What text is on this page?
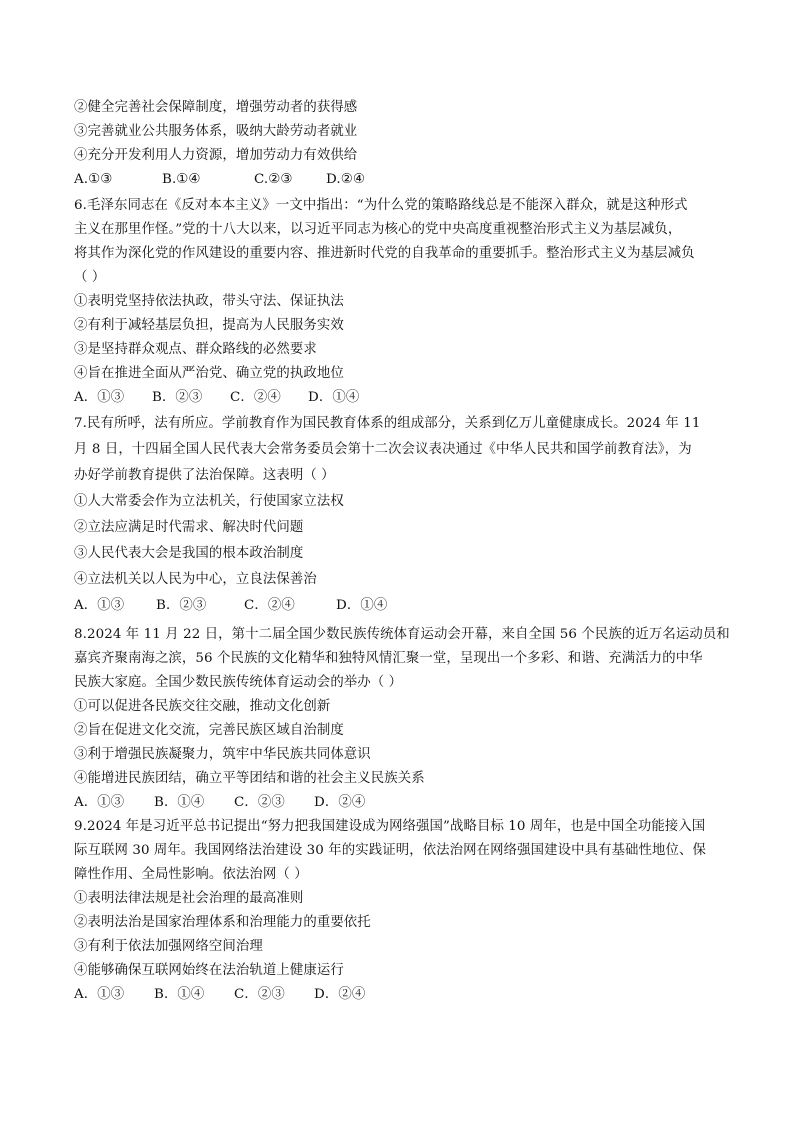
②健全完善社会保障制度，增强劳动者的获得感
③完善就业公共服务体系，吸纳大龄劳动者就业
④充分开发利用人力资源，增加劳动力有效供给
A.①③	B.①④	C.②③	D.②④
6.毛泽东同志在《反对本本主义》一文中指出：“为什么党的策略路线总是不能深入群众，就是这种形式
主义在那里作怪。”党的十八大以来，以习近平同志为核心的党中央高度重视整治形式主义为基层减负，
将其作为深化党的作风建设的重要内容、推进新时代党的自我革命的重要抓手。整治形式主义为基层减负
（ ）
①表明党坚持依法执政，带头守法、保证执法
②有利于减轻基层负担，提高为人民服务实效
③是坚持群众观点、群众路线的必然要求
④旨在推进全面从严治党、确立党的执政地位
A．①③	B．②③	C．②④	D．①④
7.民有所呼，法有所应。学前教育作为国民教育体系的组成部分，关系到亿万儿童健康成长。2024 年 11
月 8 日，十四届全国人民代表大会常务委员会第十二次会议表决通过《中华人民共和国学前教育法》，为
办好学前教育提供了法治保障。这表明（ ）
①人大常委会作为立法机关，行使国家立法权
②立法应满足时代需求、解决时代问题
③人民代表大会是我国的根本政治制度
④立法机关以人民为中心，立良法保善治
A．①③	B．②③	C．②④	D．①④
8.2024 年 11 月 22 日，第十二届全国少数民族传统体育运动会开幕，来自全国 56 个民族的近万名运动员和
嘉宾齐聚南海之滨，56 个民族的文化精华和独特风情汇聚一堂，呈现出一个多彩、和谐、充满活力的中华
民族大家庭。全国少数民族传统体育运动会的举办（ ）
①可以促进各民族交往交融，推动文化创新
②旨在促进文化交流，完善民族区域自治制度
③利于增强民族凝聚力，筑牢中华民族共同体意识
④能增进民族团结，确立平等团结和谐的社会主义民族关系
A．①③	B．①④	C．②③	D．②④
9.2024 年是习近平总书记提出“努力把我国建设成为网络强国”战略目标 10 周年，也是中国全功能接入国
际互联网 30 周年。我国网络法治建设 30 年的实践证明，依法治网在网络强国建设中具有基础性地位、保
障性作用、全局性影响。依法治网（ ）
①表明法律法规是社会治理的最高准则
②表明法治是国家治理体系和治理能力的重要依托
③有利于依法加强网络空间治理
④能够确保互联网始终在法治轨道上健康运行
A．①③	B．①④	C．②③	D．②④
